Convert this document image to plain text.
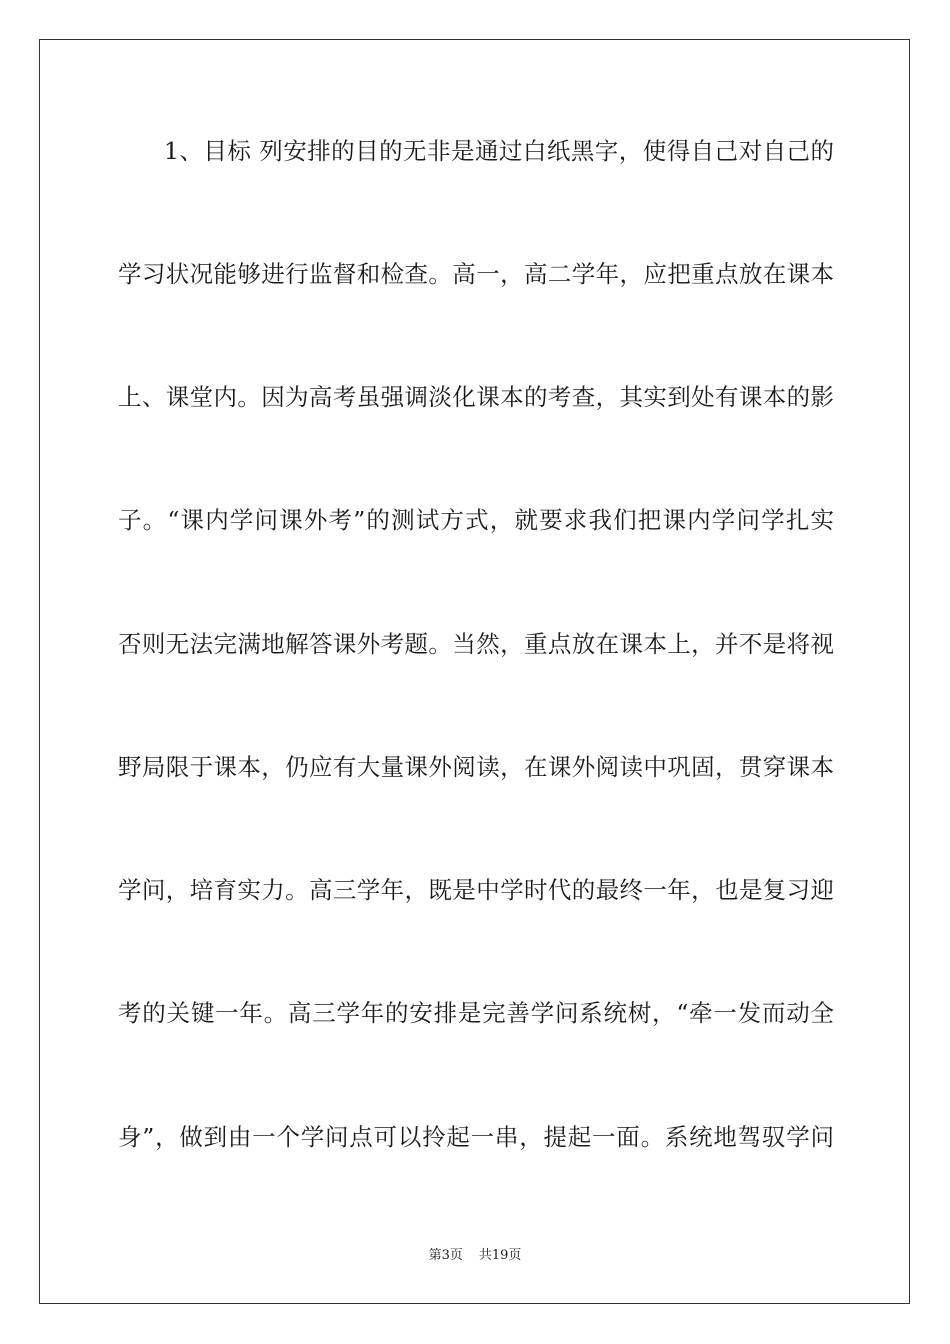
1、目标 列安排的目的无非是通过白纸黑字，使得自己对自己的
学习状况能够进行监督和检查。高一，高二学年，应把重点放在课本
上、课堂内。因为高考虽强调淡化课本的考查，其实到处有课本的影
子。“课内学问课外考”的测试方式，就要求我们把课内学问学扎实
否则无法完满地解答课外考题。当然，重点放在课本上，并不是将视
野局限于课本，仍应有大量课外阅读，在课外阅读中巩固，贯穿课本
学问，培育实力。高三学年，既是中学时代的最终一年，也是复习迎
考的关键一年。高三学年的安排是完善学问系统树，“牵一发而动全
身”，做到由一个学问点可以拎起一串，提起一面。系统地驾驭学问
第3页 共19页
